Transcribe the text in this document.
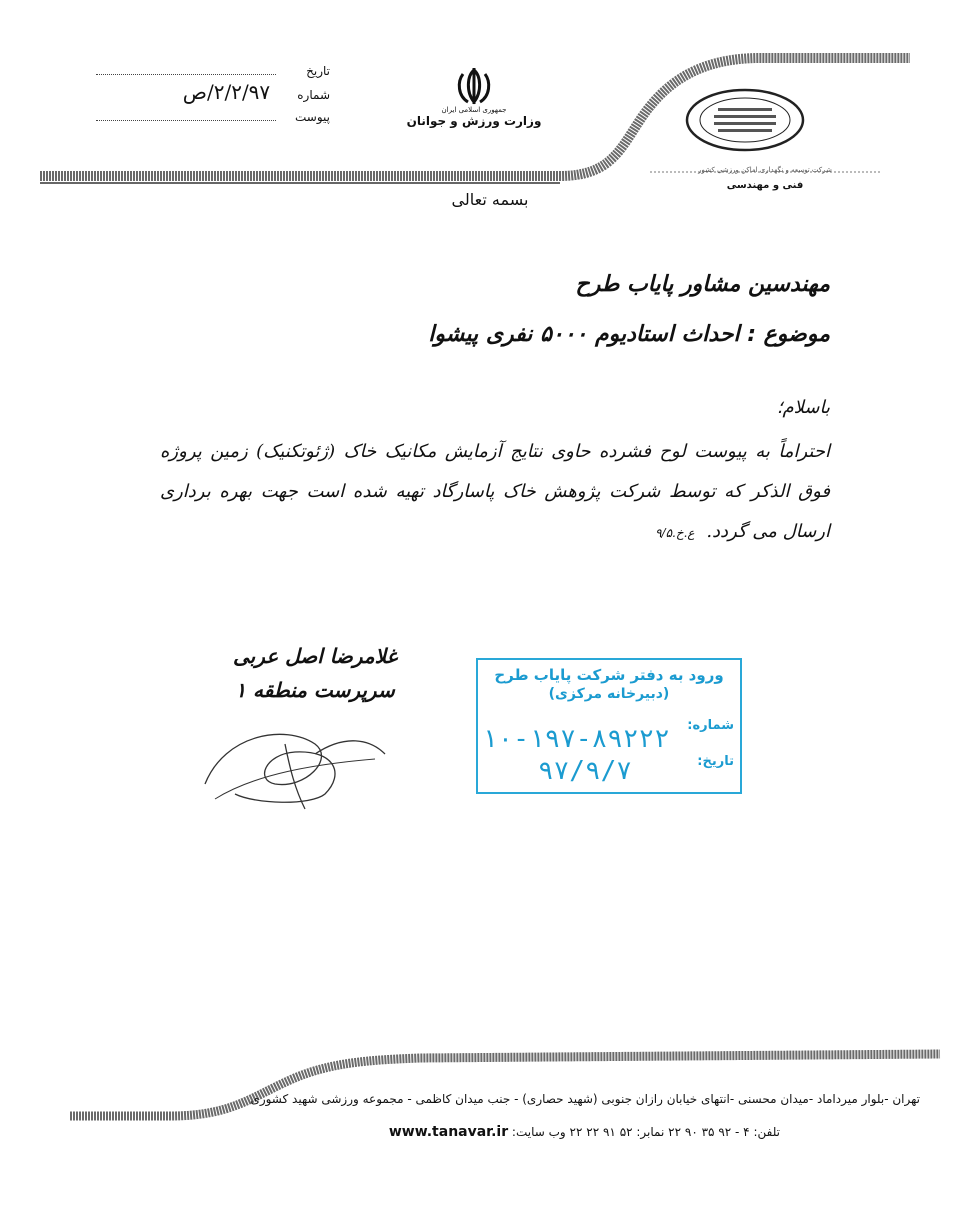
تاریخ
شماره ۲/۲/۹۷/ص
پیوست	جمهوری اسلامی ایران
وزارت ورزش و جوانان
شرکت توسعه و نگهداری اماکن ورزشی کشور
فنی و مهندسی
بسمه تعالی
مهندسین مشاور پایاب طرح
موضوع : احداث استادیوم ۵۰۰۰ نفری پیشوا
باسلام؛
احتراماً به پیوست لوح فشرده حاوی نتایج آزمایش مکانیک خاک (ژئوتکنیک) زمین پروژه فوق الذکر که توسط شرکت پژوهش خاک پاسارگاد تهیه شده است جهت بهره برداری ارسال می گردد. ع.خ.۹/۵
غلامرضا اصل عربی
سرپرست منطقه ۱
ورود به دفتر شرکت پایاب طرح
(دبیرخانه مرکزی)
شماره:
۱۰-۱۹۷-۸۹۲۲۲
تاریخ:
۹۷/۹/۷
تهران -بلوار میرداماد -میدان محسنی -انتهای خیابان رازان جنوبی (شهید حصاری) - جنب میدان کاظمی - مجموعه ورزشی شهید کشوری
تلفن: ۴ - ۹۲ ۳۵ ۹۰ ۲۲ نمابر: ۵۲ ۹۱ ۲۲ ۲۲ وب سایت: www.tanavar.ir
